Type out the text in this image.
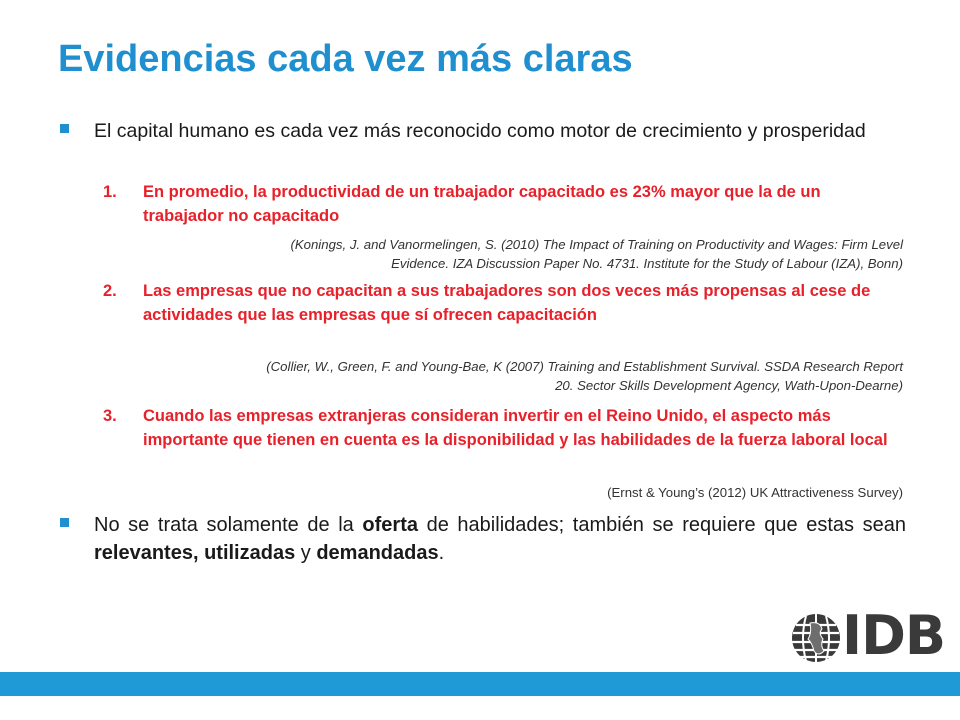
Evidencias cada vez más claras
El capital humano es cada vez más reconocido como motor de crecimiento y prosperidad
1.	En promedio, la productividad de un trabajador capacitado es 23% mayor que la de un trabajador no capacitado
(Konings, J. and Vanormelingen, S. (2010) The Impact of Training on Productivity and Wages: Firm Level Evidence. IZA Discussion Paper No. 4731. Institute for the Study of Labour (IZA), Bonn)
2.	Las empresas que no capacitan a sus trabajadores son dos veces más propensas al cese de actividades que las empresas que sí ofrecen capacitación
(Collier, W., Green, F. and Young-Bae, K (2007) Training and Establishment Survival. SSDA Research Report 20. Sector Skills Development Agency, Wath-Upon-Dearne)
3.	Cuando las empresas extranjeras consideran invertir en el Reino Unido, el aspecto más importante que tienen en cuenta es la disponibilidad y las habilidades de la fuerza laboral local
(Ernst & Young’s (2012) UK Attractiveness Survey)
No se trata solamente de la oferta de habilidades; también se requiere que estas sean relevantes, utilizadas y demandadas.
IDB
